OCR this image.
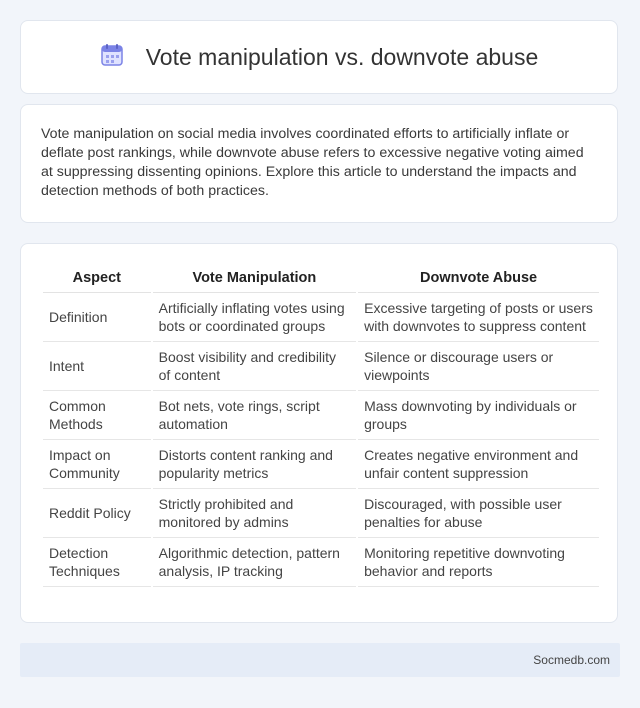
Vote manipulation vs. downvote abuse

Vote manipulation on social media involves coordinated efforts to artificially inflate or deflate post rankings, while downvote abuse refers to excessive negative voting aimed at suppressing dissenting opinions. Explore this article to understand the impacts and detection methods of both practices.

Aspect	Vote Manipulation	Downvote Abuse
Definition	Artificially inflating votes using bots or coordinated groups	Excessive targeting of posts or users with downvotes to suppress content
Intent	Boost visibility and credibility of content	Silence or discourage users or viewpoints
Common Methods	Bot nets, vote rings, script automation	Mass downvoting by individuals or groups
Impact on Community	Distorts content ranking and popularity metrics	Creates negative environment and unfair content suppression
Reddit Policy	Strictly prohibited and monitored by admins	Discouraged, with possible user penalties for abuse
Detection Techniques	Algorithmic detection, pattern analysis, IP tracking	Monitoring repetitive downvoting behavior and reports
Socmedb.com
